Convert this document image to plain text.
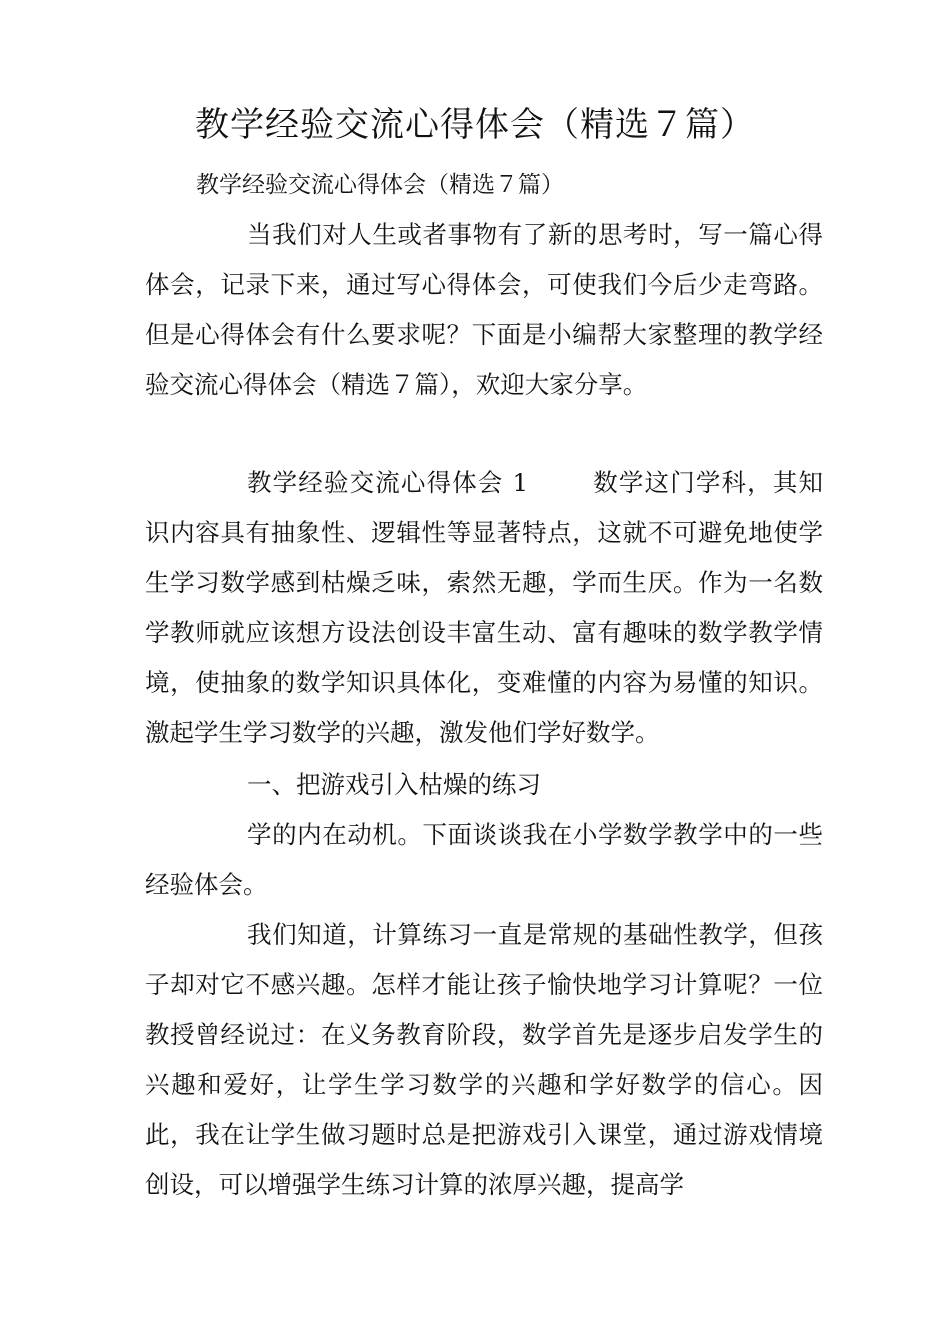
教学经验交流心得体会（精选７篇）

教学经验交流心得体会（精选７篇）

当我们对人生或者事物有了新的思考时，写一篇心得体会，记录下来，通过写心得体会，可使我们今后少走弯路。但是心得体会有什么要求呢？下面是小编帮大家整理的教学经验交流心得体会（精选７篇），欢迎大家分享。

教学经验交流心得体会 1	数学这门学科，其知识内容具有抽象性、逻辑性等显著特点，这就不可避免地使学生学习数学感到枯燥乏味，索然无趣，学而生厌。作为一名数学教师就应该想方设法创设丰富生动、富有趣味的数学教学情境，使抽象的数学知识具体化，变难懂的内容为易懂的知识。激起学生学习数学的兴趣，激发他们学好数学。

一、把游戏引入枯燥的练习

学的内在动机。下面谈谈我在小学数学教学中的一些经验体会。

我们知道，计算练习一直是常规的基础性教学，但孩子却对它不感兴趣。怎样才能让孩子愉快地学习计算呢？一位教授曾经说过：在义务教育阶段，数学首先是逐步启发学生的兴趣和爱好，让学生学习数学的兴趣和学好数学的信心。因此，我在让学生做习题时总是把游戏引入课堂，通过游戏情境创设，可以增强学生练习计算的浓厚兴趣，提高学
